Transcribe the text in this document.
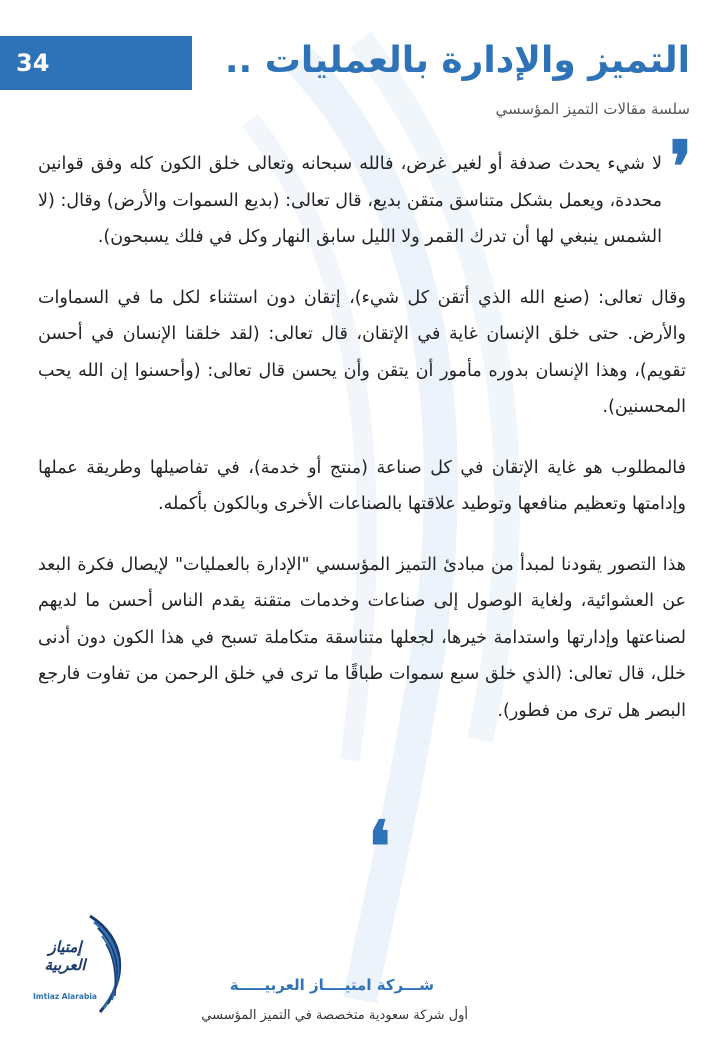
34	التميز والإدارة بالعمليات ..
سلسة مقالات التميز المؤسسي
❜

لا شيء يحدث صدفة أو لغير غرض، فالله سبحانه وتعالى خلق الكون كله وفق قوانين محددة، ويعمل بشكل متناسق متقن بديع، قال تعالى: (بديع السموات والأرض) وقال: (لا الشمس ينبغي لها أن تدرك القمر ولا الليل سابق النهار وكل في فلك يسبحون).

وقال تعالى: (صنع الله الذي أتقن كل شيء)، إتقان دون استثناء لكل ما في السماوات والأرض. حتى خلق الإنسان غاية في الإتقان، قال تعالى: (لقد خلقنا الإنسان في أحسن تقويم)، وهذا الإنسان بدوره مأمور أن يتقن وأن يحسن قال تعالى: (وأحسنوا إن الله يحب المحسنين).

فالمطلوب هو غاية الإتقان في كل صناعة (منتج أو خدمة)، في تفاصيلها وطريقة عملها وإدامتها وتعظيم منافعها وتوطيد علاقتها بالصناعات الأخرى وبالكون بأكمله.

هذا التصور يقودنا لمبدأ من مبادئ التميز المؤسسي "الإدارة بالعمليات" لإيصال فكرة البعد عن العشوائية، ولغاية الوصول إلى صناعات وخدمات متقنة يقدم الناس أحسن ما لديهم لصناعتها وإدارتها واستدامة خيرها، لجعلها متناسقة متكاملة تسبح في هذا الكون دون أدنى خلل، قال تعالى: (الذي خلق سبع سموات طباقًا ما ترى في خلق الرحمن من تفاوت فارجع البصر هل ترى من فطور).

❛
إمتياز
العربية
Imtiaz Alarabia
شـــركة امتيــــاز العربيـــــة
أول شركة سعودية متخصصة في التميز المؤسسي
